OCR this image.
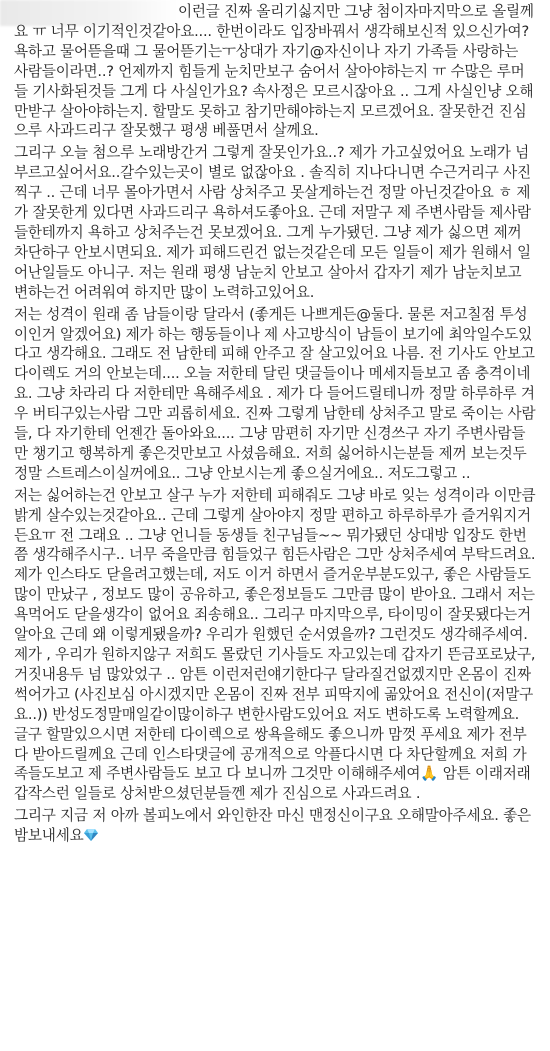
이런글 진짜 올리기싫지만 그냥 첨이자마지막으로 올릴께요 ㅠ 너무 이기적인것같아요.... 한번이라도 입장바꿔서 생각해보신적 있으신가여? 욕하고 물어뜯을때 그 물어뜯기는ㅜ상대가 자기@자신이나 자기 가족들 사랑하는 사람들이라면..? 언제까지 힘들게 눈치만보구 숨어서 살아야하는지 ㅠ 수많은 루머들 기사화된것들 그게 다 사실인가요? 속사정은 모르시잖아요 .. 그게 사실인냥 오해만받구 살아야하는지. 할말도 못하고 참기만해야하는지 모르겠어요. 잘못한건 진심으루 사과드리구 잘못했구 평생 베풀면서 살께요.

그리구 오늘 첨으루 노래방간거 그렇게 잘못인가요..? 제가 가고싶었어요 노래가 넘 부르고싶어서요..갈수있는곳이 별로 없잖아요 . 솔직히 지나다니면 수근거리구 사진찍구 .. 근데 너무 몰아가면서 사람 상처주고 못살게하는건 정말 아닌것같아요 ㅎ 제가 잘못한게 있다면 사과드리구 욕하셔도좋아요. 근데 저말구 제 주변사람들 제사람들한테까지 욕하고 상처주는건 못보겠어요. 그게 누가됐던. 그냥 제가 싫으면 제꺼 차단하구 안보시면되요. 제가 피해드린건 없는것같은데 모든 일들이 제가 원해서 일어난일들도 아니구. 저는 원래 평생 남눈치 안보고 살아서 갑자기 제가 남눈치보고 변하는건 어려워여 하지만 많이 노력하고있어요.

저는 성격이 원래 좀 남들이랑 달라서 (좋게든 나쁘게든@둘다. 물론 저고칠점 투성이인거 알겠어요) 제가 하는 행동들이나 제 사고방식이 남들이 보기에 최악일수도있다고 생각해요. 그래도 전 남한테 피해 안주고 잘 살고있어요 나름. 전 기사도 안보고 다이렉도 거의 안보는데.... 오늘 저한테 달린 댓글들이나 메세지들보고 좀 충격이네요. 그냥 차라리 다 저한테만 욕해주세요 . 제가 다 들어드릴테니까 정말 하루하루 겨우 버티구있는사람 그만 괴롭히세요. 진짜 그렇게 남한테 상처주고 말로 죽이는 사람들, 다 자기한테 언젠간 돌아와요.... 그냥 맘편히 자기만 신경쓰구 자기 주변사람들만 챙기고 행복하게 좋은것만보고 사셨음해요. 저희 싫어하시는분들 제꺼 보는것두 정말 스트레스이실꺼에요.. 그냥 안보시는게 좋으실거에요.. 저도그렇고 ..

저는 싫어하는건 안보고 살구 누가 저한테 피해줘도 그냥 바로 잊는 성격이라 이만큼 밝게 살수있는것같아요.. 근데 그렇게 살아야지 정말 편하고 하루하루가 즐거워지거든요ㅠ 전 그래요 .. 그냥 언니들 동생들 친구님들~~ 뭐가됐던 상대방 입장도 한번쯤 생각해주시구.. 너무 죽을만큼 힘들었구 힘든사람은 그만 상처주세여 부탁드려요. 제가 인스타도 닫을려고했는데, 저도 이거 하면서 즐거운부분도있구, 좋은 사람들도 많이 만났구 , 정보도 많이 공유하고, 좋은정보들도 그만큼 많이 받아요. 그래서 저는 욕먹어도 닫을생각이 없어요 죄송해요.. 그리구 마지막으루, 타이밍이 잘못됐다는거 알아요 근데 왜 이렇게됐을까? 우리가 원했던 순서였을까? 그런것도 생각해주세여. 제가 , 우리가 원하지않구 저희도 몰랐던 기사들도 자고있는데 갑자기 뜬금포로났구, 거짓내용두 넘 많았었구 .. 암튼 이런저런얘기한다구 달라질건없겠지만 온몸이 진짜 썩어가고 (사진보심 아시겠지만 온몸이 진짜 전부 피딱지에 곪았어요 전신이(저말구요..)) 반성도정말매일같이많이하구 변한사람도있어요 저도 변하도록 노력할께요. 글구 할말있으시면 저한테 다이렉으로 쌍욕을해도 좋으니까 맘껏 푸세요 제가 전부 다 받아드릴께요 근데 인스타댓글에 공개적으로 악플다시면 다 차단할께요 저희 가족들도보고 제 주변사람들도 보고 다 보니까 그것만 이해해주세여🙏 암튼 이래저래 갑작스런 일들로 상처받으셨던분들껜 제가 진심으로 사과드려요 .

그리구 지금 저 아까 볼피노에서 와인한잔 마신 맨정신이구요 오해말아주세요. 좋은밤보내세요
